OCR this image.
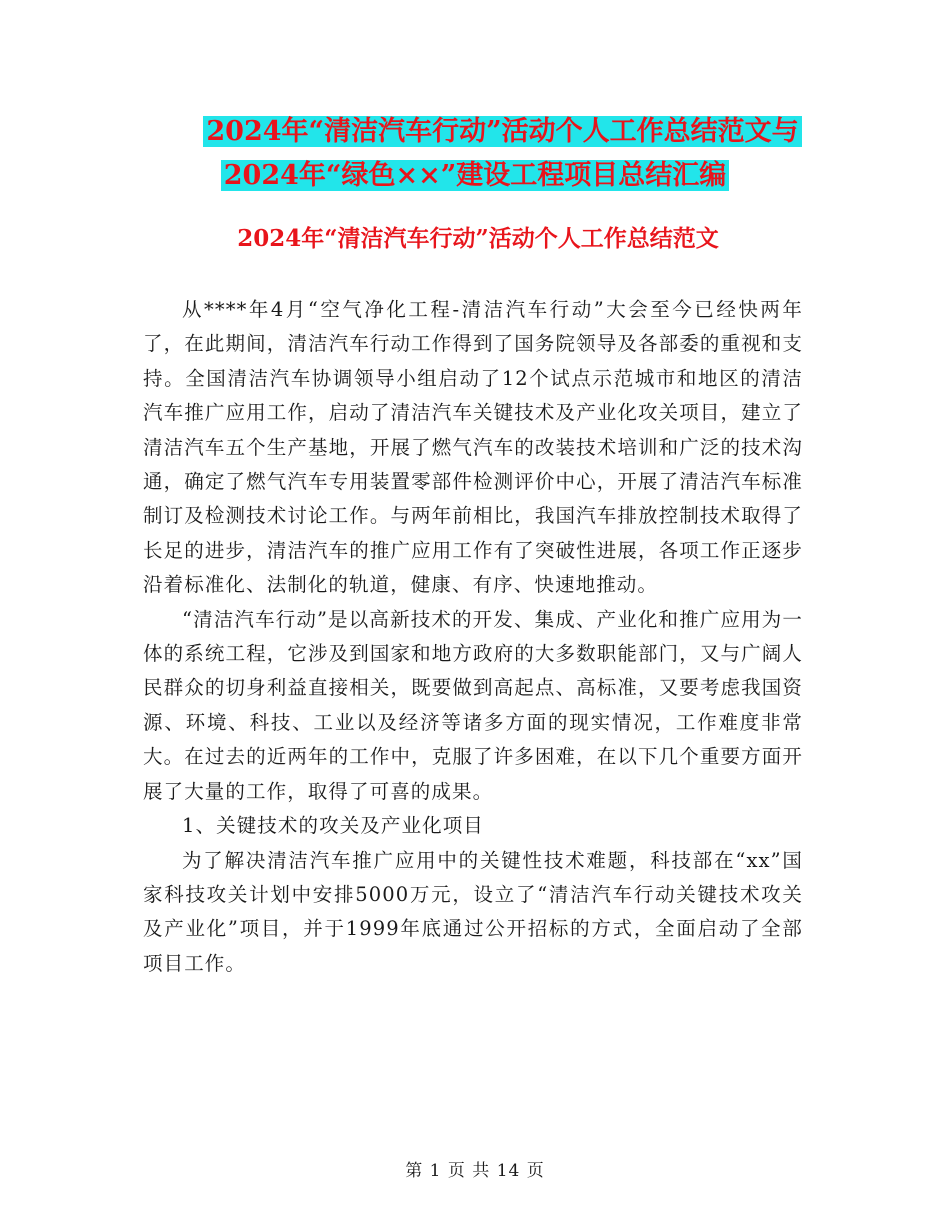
2024年“清洁汽车行动”活动个人工作总结范文与
2024年“绿色××”建设工程项目总结汇编
2024年“清洁汽车行动”活动个人工作总结范文

从****年4月“空气净化工程-清洁汽车行动”大会至今已经快两年了，在此期间，清洁汽车行动工作得到了国务院领导及各部委的重视和支持。全国清洁汽车协调领导小组启动了12个试点示范城市和地区的清洁汽车推广应用工作，启动了清洁汽车关键技术及产业化攻关项目，建立了清洁汽车五个生产基地，开展了燃气汽车的改装技术培训和广泛的技术沟通，确定了燃气汽车专用装置零部件检测评价中心，开展了清洁汽车标准制订及检测技术讨论工作。与两年前相比，我国汽车排放控制技术取得了长足的进步，清洁汽车的推广应用工作有了突破性进展，各项工作正逐步沿着标准化、法制化的轨道，健康、有序、快速地推动。

“清洁汽车行动”是以高新技术的开发、集成、产业化和推广应用为一体的系统工程，它涉及到国家和地方政府的大多数职能部门，又与广阔人民群众的切身利益直接相关，既要做到高起点、高标准，又要考虑我国资源、环境、科技、工业以及经济等诸多方面的现实情况，工作难度非常大。在过去的近两年的工作中，克服了许多困难，在以下几个重要方面开展了大量的工作，取得了可喜的成果。

1、关键技术的攻关及产业化项目

为了解决清洁汽车推广应用中的关键性技术难题，科技部在“xx”国家科技攻关计划中安排5000万元，设立了“清洁汽车行动关键技术攻关及产业化”项目，并于1999年底通过公开招标的方式，全面启动了全部项目工作。

第 1 页 共 14 页
